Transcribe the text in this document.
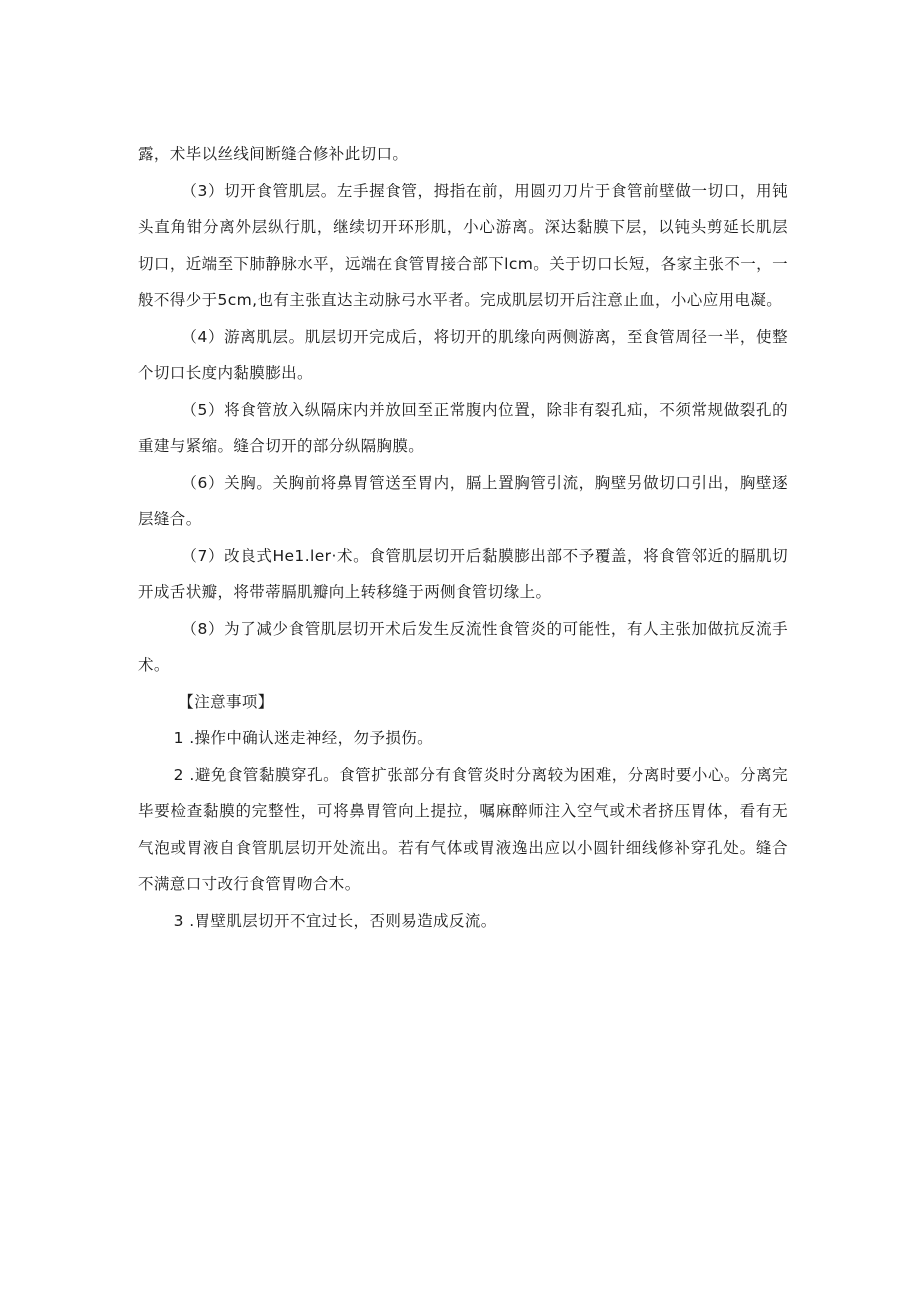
露，术毕以丝线间断缝合修补此切口。

（3）切开食管肌层。左手握食管，拇指在前，用圆刃刀片于食管前壁做一切口，用钝头直角钳分离外层纵行肌，继续切开环形肌，小心游离。深达黏膜下层，以钝头剪延长肌层切口，近端至下肺静脉水平，远端在食管胃接合部下lcm。关于切口长短，各家主张不一，一般不得少于5cm,也有主张直达主动脉弓水平者。完成肌层切开后注意止血，小心应用电凝。

（4）游离肌层。肌层切开完成后，将切开的肌缘向两侧游离，至食管周径一半，使整个切口长度内黏膜膨出。

（5）将食管放入纵隔床内并放回至正常腹内位置，除非有裂孔疝，不须常规做裂孔的重建与紧缩。缝合切开的部分纵隔胸膜。

（6）关胸。关胸前将鼻胃管送至胃内，膈上置胸管引流，胸壁另做切口引出，胸壁逐层缝合。

（7）改良式He1.ler·术。食管肌层切开后黏膜膨出部不予覆盖，将食管邻近的膈肌切开成舌状瓣，将带蒂膈肌瓣向上转移缝于两侧食管切缘上。

（8）为了减少食管肌层切开术后发生反流性食管炎的可能性，有人主张加做抗反流手术。

【注意事项】

1 .操作中确认迷走神经，勿予损伤。

2 .避免食管黏膜穿孔。食管扩张部分有食管炎时分离较为困难，分离时要小心。分离完毕要检查黏膜的完整性，可将鼻胃管向上提拉，嘱麻醉师注入空气或术者挤压胃体，看有无气泡或胃液自食管肌层切开处流出。若有气体或胃液逸出应以小圆针细线修补穿孔处。缝合不满意口寸改行食管胃吻合木。

3 .胃壁肌层切开不宜过长，否则易造成反流。
